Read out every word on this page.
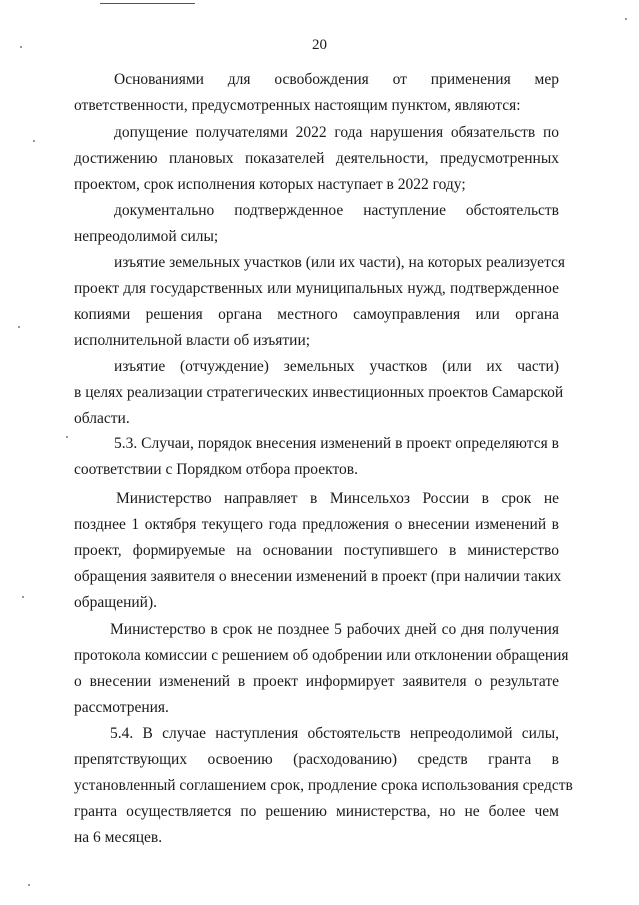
20
Основаниями для освобождения от применения мер
ответственности, предусмотренных настоящим пунктом, являются:
допущение получателями 2022 года нарушения обязательств по
достижению плановых показателей деятельности, предусмотренных
проектом, срок исполнения которых наступает в 2022 году;
документально подтвержденное наступление обстоятельств
непреодолимой силы;
изъятие земельных участков (или их части), на которых реализуется
проект для государственных или муниципальных нужд, подтвержденное
копиями решения органа местного самоуправления или органа
исполнительной власти об изъятии;
изъятие (отчуждение) земельных участков (или их части)
в целях реализации стратегических инвестиционных проектов Самарской
области.
5.3. Случаи, порядок внесения изменений в проект определяются в
соответствии с Порядком отбора проектов.
Министерство направляет в Минсельхоз России в срок не
позднее 1 октября текущего года предложения о внесении изменений в
проект, формируемые на основании поступившего в министерство
обращения заявителя о внесении изменений в проект (при наличии таких
обращений).
Министерство в срок не позднее 5 рабочих дней со дня получения
протокола комиссии с решением об одобрении или отклонении обращения
о внесении изменений в проект информирует заявителя о результате
рассмотрения.
5.4. В случае наступления обстоятельств непреодолимой силы,
препятствующих освоению (расходованию) средств гранта в
установленный соглашением срок, продление срока использования средств
гранта осуществляется по решению министерства, но не более чем
на 6 месяцев.
